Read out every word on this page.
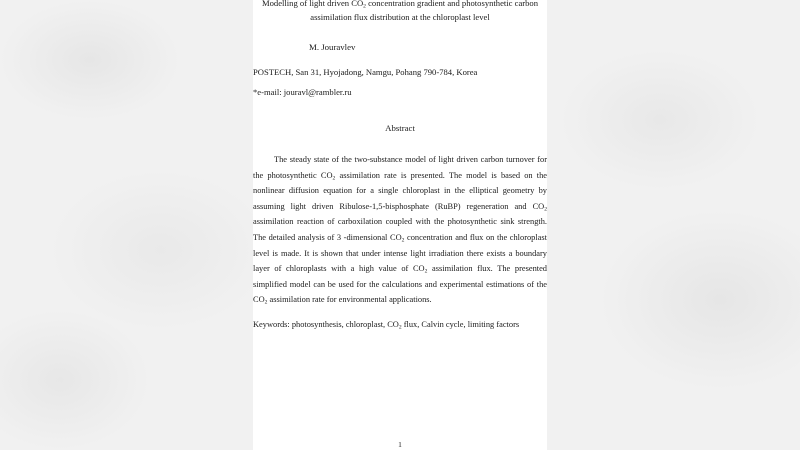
Modelling of light driven $CO_2$ concentration gradient and photosynthetic carbon
assimilation flux distribution at the chloroplast level

M. Jouravlev

POSTECH, San 31, Hyojadong, Namgu, Pohang 790-784, Korea

*e-mail: jouravl@rambler.ru

Abstract

The steady state of the two-substance model of light driven carbon turnover for the photosynthetic $CO_2$ assimilation rate is presented. The model is based on the nonlinear diffusion equation for a single chloroplast in the elliptical geometry by assuming light driven Ribulose-1,5-bisphosphate (RuBP) regeneration and $CO_2$ assimilation reaction of carboxilation coupled with the photosynthetic sink strength. The detailed analysis of 3 -dimensional $CO_2$ concentration and flux on the chloroplast level is made. It is shown that under intense light irradiation there exists a boundary layer of chloroplasts with a high value of $CO_2$ assimilation flux. The presented simplified model can be used for the calculations and experimental estimations of the $CO_2$ assimilation rate for environmental applications.

Keywords: photosynthesis, chloroplast, $CO_2$ flux, Calvin cycle, limiting factors

1
